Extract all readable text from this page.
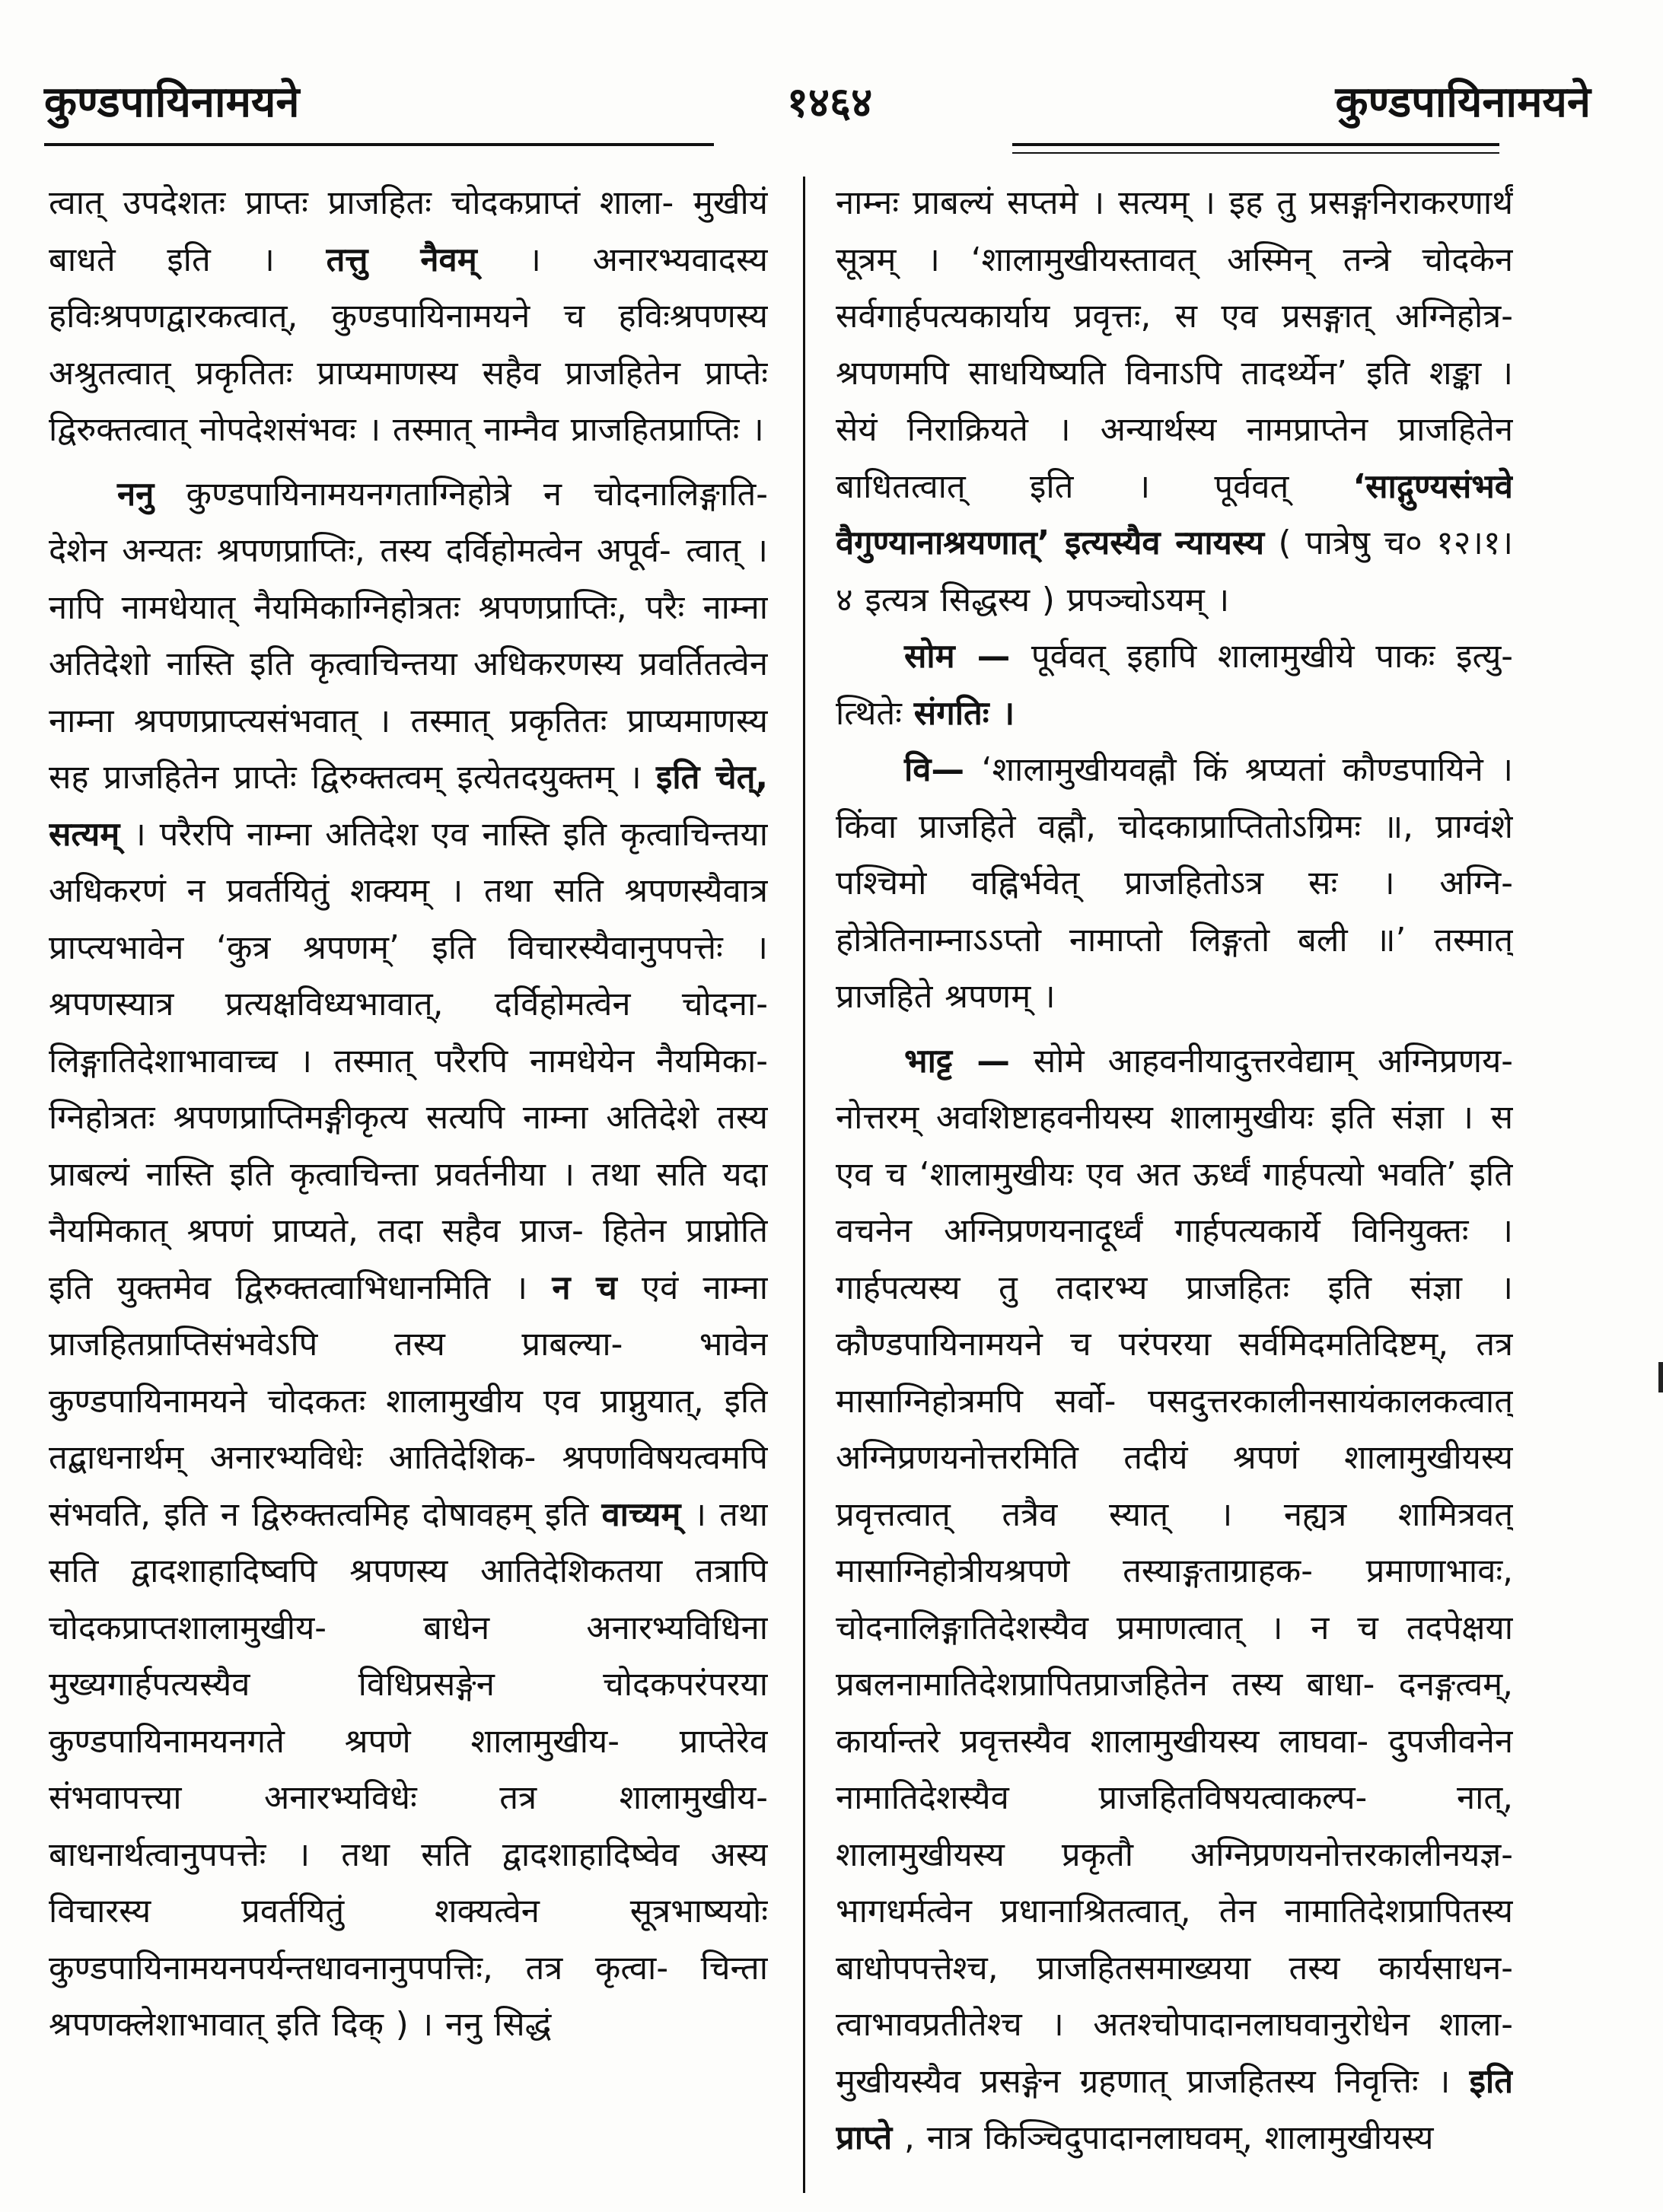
कुण्डपायिनामयने	१४६४	कुण्डपायिनामयने

त्वात् उपदेशतः प्राप्तः प्राजहितः चोदकप्राप्तं शाला- मुखीयं बाधते इति । तत्तु नैवम् । अनारभ्यवादस्य हविःश्रपणद्वारकत्वात्, कुण्डपायिनामयने च हविःश्रपणस्य अश्रुतत्वात् प्रकृतितः प्राप्यमाणस्य सहैव प्राजहितेन प्राप्तेः द्विरुक्तत्वात् नोपदेशसंभवः । तस्मात् नाम्नैव प्राजहितप्राप्तिः ।

ननु कुण्डपायिनामयनगताग्निहोत्रे न चोदनालिङ्गाति- देशेन अन्यतः श्रपणप्राप्तिः, तस्य दर्विहोमत्वेन अपूर्व- त्वात् । नापि नामधेयात् नैयमिकाग्निहोत्रतः श्रपणप्राप्तिः, परैः नाम्ना अतिदेशो नास्ति इति कृत्वाचिन्तया अधिकरणस्य प्रवर्तितत्वेन नाम्ना श्रपणप्राप्त्यसंभवात् । तस्मात् प्रकृतितः प्राप्यमाणस्य सह प्राजहितेन प्राप्तेः द्विरुक्तत्वम् इत्येतदयुक्तम् । इति चेत्, सत्यम् । परैरपि नाम्ना अतिदेश एव नास्ति इति कृत्वाचिन्तया अधिकरणं न प्रवर्तयितुं शक्यम् । तथा सति श्रपणस्यैवात्र प्राप्त्यभावेन ‘कुत्र श्रपणम्’ इति विचारस्यैवानुपपत्तेः । श्रपणस्यात्र प्रत्यक्षविध्यभावात्, दर्विहोमत्वेन चोदना- लिङ्गातिदेशाभावाच्च । तस्मात् परैरपि नामधेयेन नैयमिका- ग्निहोत्रतः श्रपणप्राप्तिमङ्गीकृत्य सत्यपि नाम्ना अतिदेशे तस्य प्राबल्यं नास्ति इति कृत्वाचिन्ता प्रवर्तनीया । तथा सति यदा नैयमिकात् श्रपणं प्राप्यते, तदा सहैव प्राज- हितेन प्राप्नोति इति युक्तमेव द्विरुक्तत्वाभिधानमिति । न च एवं नाम्ना प्राजहितप्राप्तिसंभवेऽपि तस्य प्राबल्या- भावेन कुण्डपायिनामयने चोदकतः शालामुखीय एव प्राप्नुयात्, इति तद्बाधनार्थम् अनारभ्यविधेः आतिदेशिक- श्रपणविषयत्वमपि संभवति, इति न द्विरुक्तत्वमिह दोषावहम् इति वाच्यम् । तथा सति द्वादशाहादिष्वपि श्रपणस्य आतिदेशिकतया तत्रापि चोदकप्राप्तशालामुखीय- बाधेन अनारभ्यविधिना मुख्यगार्हपत्यस्यैव विधिप्रसङ्गेन चोदकपरंपरया कुण्डपायिनामयनगते श्रपणे शालामुखीय- प्राप्तेरेव संभवापत्त्या अनारभ्यविधेः तत्र शालामुखीय- बाधनार्थत्वानुपपत्तेः । तथा सति द्वादशाहादिष्वेव अस्य विचारस्य प्रवर्तयितुं शक्यत्वेन सूत्रभाष्ययोः कुण्डपायिनामयनपर्यन्तधावनानुपपत्तिः, तत्र कृत्वा- चिन्ता श्रपणक्लेशाभावात् इति दिक् ) । ननु सिद्धं

नाम्नः प्राबल्यं सप्तमे । सत्यम् । इह तु प्रसङ्गनिराकरणार्थं सूत्रम् । ‘शालामुखीयस्तावत् अस्मिन् तन्त्रे चोदकेन सर्वगार्हपत्यकार्याय प्रवृत्तः, स एव प्रसङ्गात् अग्निहोत्र- श्रपणमपि साधयिष्यति विनाऽपि तादर्थ्येन’ इति शङ्का । सेयं निराक्रियते । अन्यार्थस्य नामप्राप्तेन प्राजहितेन बाधितत्वात् इति । पूर्ववत् ‘साद्गुण्यसंभवे वैगुण्यानाश्रयणात्’ इत्यस्यैव न्यायस्य ( पात्रेषु च० १२।१।४ इत्यत्र सिद्धस्य ) प्रपञ्चोऽयम् ।

सोम — पूर्ववत् इहापि शालामुखीये पाकः इत्यु- त्थितेः संगतिः ।

वि— ‘शालामुखीयवह्नौ किं श्रप्यतां कौण्डपायिने । किंवा प्राजहिते वह्नौ, चोदकाप्राप्तितोऽग्रिमः ॥, प्राग्वंशे पश्चिमो वह्निर्भवेत् प्राजहितोऽत्र सः । अग्नि- होत्रेतिनाम्नाऽऽप्तो नामाप्तो लिङ्गतो बली ॥’ तस्मात् प्राजहिते श्रपणम् ।

भाट्ट — सोमे आहवनीयादुत्तरवेद्याम् अग्निप्रणय- नोत्तरम् अवशिष्टाहवनीयस्य शालामुखीयः इति संज्ञा । स एव च ‘शालामुखीयः एव अत ऊर्ध्वं गार्हपत्यो भवति’ इति वचनेन अग्निप्रणयनादूर्ध्वं गार्हपत्यकार्ये विनियुक्तः । गार्हपत्यस्य तु तदारभ्य प्राजहितः इति संज्ञा । कौण्डपायिनामयने च परंपरया सर्वमिदमतिदिष्टम्, तत्र मासाग्निहोत्रमपि सर्वो- पसदुत्तरकालीनसायंकालकत्वात् अग्निप्रणयनोत्तरमिति तदीयं श्रपणं शालामुखीयस्य प्रवृत्तत्वात् तत्रैव स्यात् । नह्यत्र शामित्रवत् मासाग्निहोत्रीयश्रपणे तस्याङ्गताग्राहक- प्रमाणाभावः, चोदनालिङ्गातिदेशस्यैव प्रमाणत्वात् । न च तदपेक्षया प्रबलनामातिदेशप्रापितप्राजहितेन तस्य बाधा- दनङ्गत्वम्, कार्यान्तरे प्रवृत्तस्यैव शालामुखीयस्य लाघवा- दुपजीवनेन नामातिदेशस्यैव प्राजहितविषयत्वाकल्प- नात्, शालामुखीयस्य प्रकृतौ अग्निप्रणयनोत्तरकालीनयज्ञ- भागधर्मत्वेन प्रधानाश्रितत्वात्, तेन नामातिदेशप्रापितस्य बाधोपपत्तेश्च, प्राजहितसमाख्यया तस्य कार्यसाधन- त्वाभावप्रतीतेश्च । अतश्चोपादानलाघवानुरोधेन शाला- मुखीयस्यैव प्रसङ्गेन ग्रहणात् प्राजहितस्य निवृत्तिः । इति प्राप्ते , नात्र किञ्चिदुपादानलाघवम्, शालामुखीयस्य
